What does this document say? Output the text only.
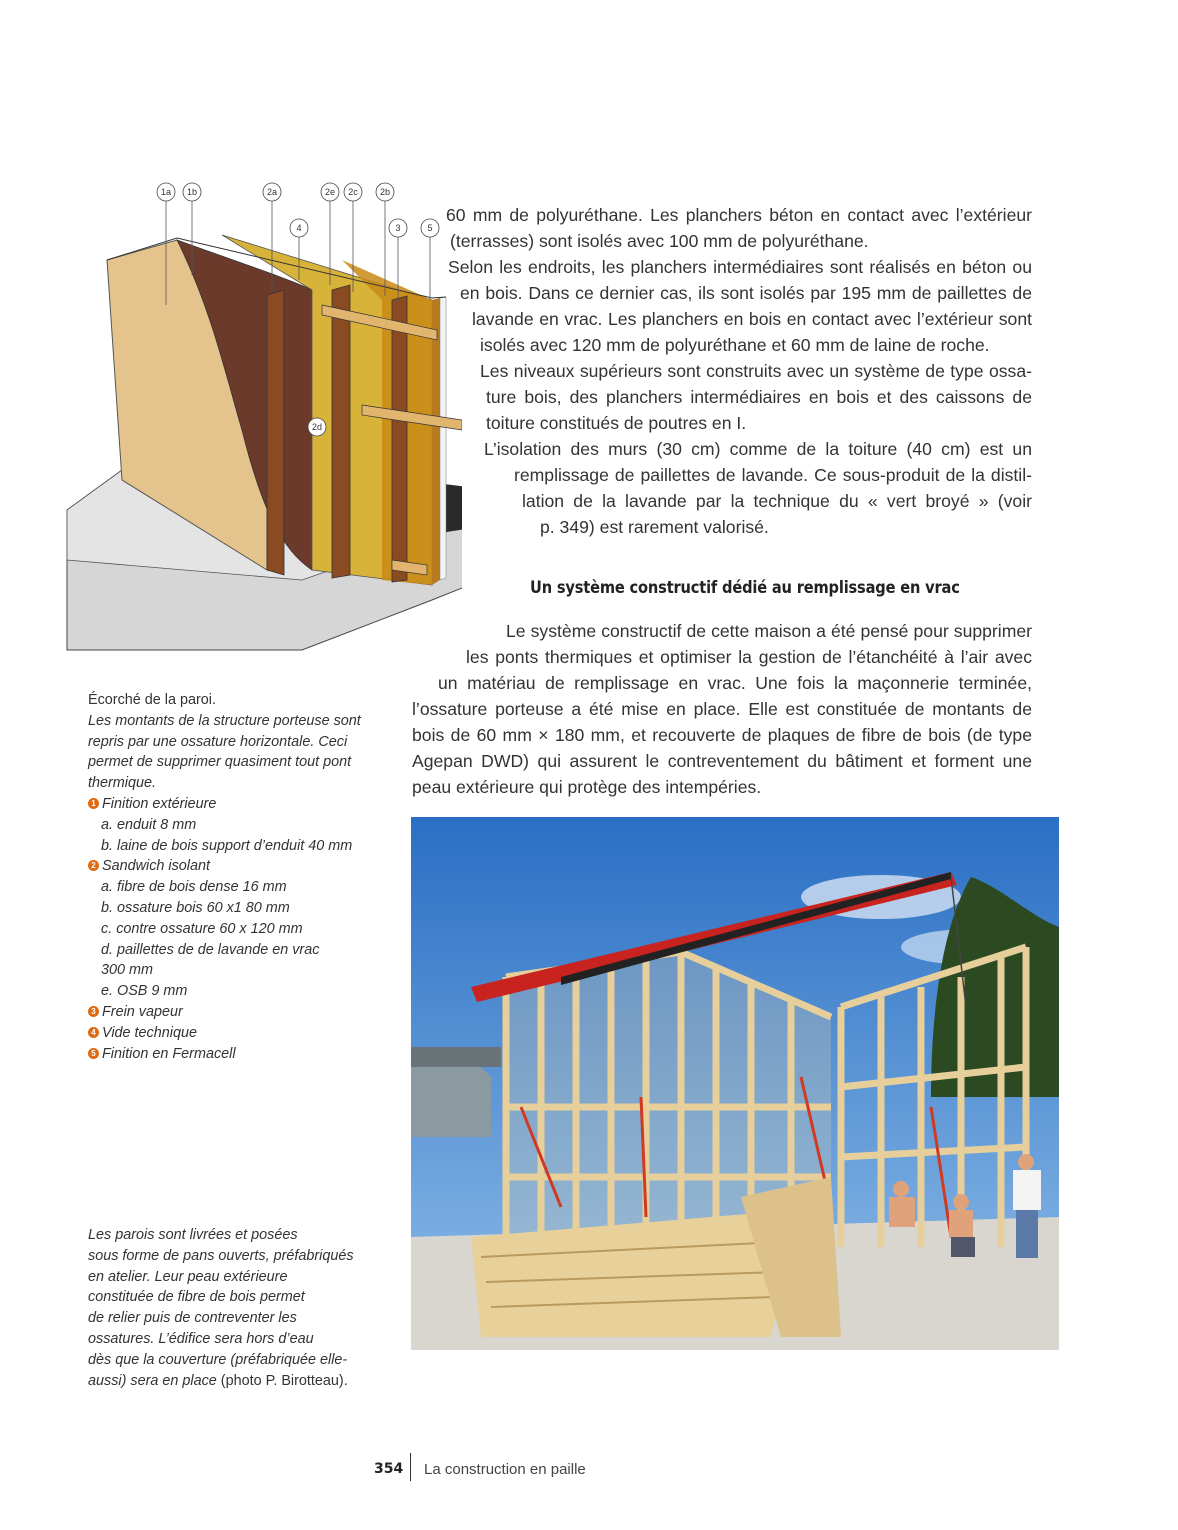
1a 1b	2a	2e 2c 2b
4	3	5
2d
60 mm de polyuréthane. Les planchers béton en contact avec l’extérieur
(terrasses) sont isolés avec 100 mm de polyuréthane.
Selon les endroits, les planchers intermédiaires sont réalisés en béton ou
en bois. Dans ce dernier cas, ils sont isolés par 195 mm de paillettes de
lavande en vrac. Les planchers en bois en contact avec l’extérieur sont
isolés avec 120 mm de polyuréthane et 60 mm de laine de roche.
Les niveaux supérieurs sont construits avec un système de type ossa-
ture bois, des planchers intermédiaires en bois et des caissons de
toiture constitués de poutres en I.
L’isolation des murs (30 cm) comme de la toiture (40 cm) est un
remplissage de paillettes de lavande. Ce sous-produit de la distil-
lation de la lavande par la technique du « vert broyé » (voir
p. 349) est rarement valorisé.
Un système constructif dédié au remplissage en vrac
Le système constructif de cette maison a été pensé pour supprimer
les ponts thermiques et optimiser la gestion de l’étanchéité à l’air avec
un matériau de remplissage en vrac. Une fois la maçonnerie terminée,
l’ossature porteuse a été mise en place. Elle est constituée de montants de
bois de 60 mm × 180 mm, et recouverte de plaques de fibre de bois (de type
Agepan DWD) qui assurent le contreventement du bâtiment et forment une
peau extérieure qui protège des intempéries.
Écorché de la paroi.
Les montants de la structure porteuse sont
repris par une ossature horizontale. Ceci
permet de supprimer quasiment tout pont
thermique.
1 Finition extérieure
a. enduit 8 mm
b. laine de bois support d’enduit 40 mm
2 Sandwich isolant
a. fibre de bois dense 16 mm
b. ossature bois 60 x1 80 mm
c. contre ossature 60 x 120 mm
d. paillettes de de lavande en vrac
300 mm
e. OSB 9 mm
3 Frein vapeur
4 Vide technique
5 Finition en Fermacell
Les parois sont livrées et posées
sous forme de pans ouverts, préfabriqués
en atelier. Leur peau extérieure
constituée de fibre de bois permet
de relier puis de contreventer les
ossatures. L’édifice sera hors d’eau
dès que la couverture (préfabriquée elle-
aussi) sera en place (photo P. Birotteau).
354 La construction en paille
